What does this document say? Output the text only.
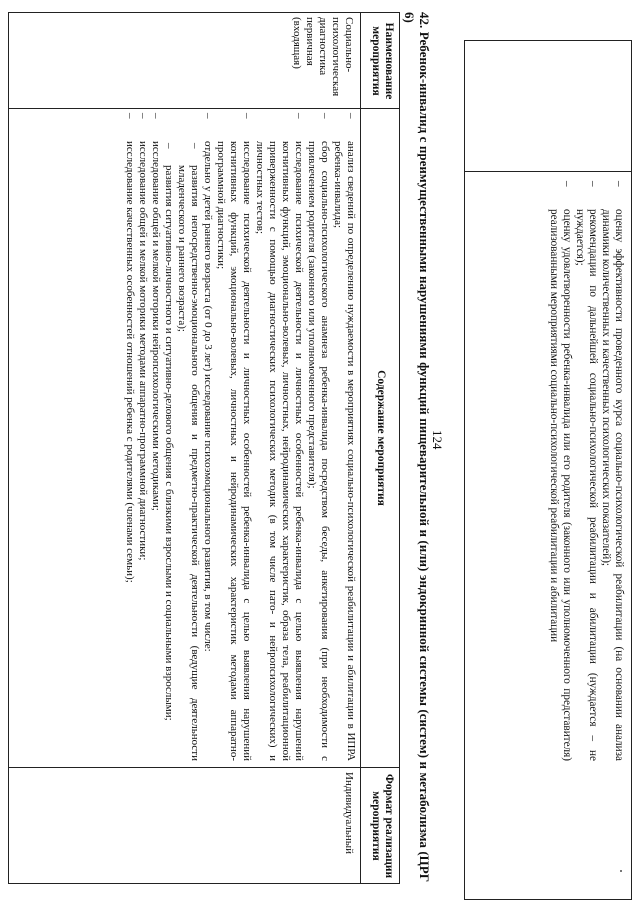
–
оценку эффективности проведенного курса социально-психологической реабилитации (на основании анализа динамики количественных и качественных психологических показателей);
–
рекомендации по дальнейшей социально-психологической реабилитации и абилитации (нуждается – не нуждается);
–
оценку удовлетворенности ребенка-инвалида или его родителя (законного или уполномоченного представителя) реализованными мероприятиями социально-психологической реабилитации и абилитации
124
42. Ребенок-инвалид с преимущественными нарушениями функций пищеварительной и (или) эндокринной системы (систем) и метаболизма (ЦРГ 6)
Наименование мероприятия
Содержание мероприятия
Формат реализации мероприятия
Социально-
психологическая
диагностика
первичная
(входящая)
–
анализ сведений по определению нуждаемости в мероприятиях социально-психологической реабилитации и абилитации в ИПРА ребенка-инвалида;
–
сбор социально-психологического анамнеза ребенка-инвалида посредством беседы, анкетирования (при необходимости с привлечением родителя (законного или уполномоченного представителя);
–
исследование психической деятельности и личностных особенностей ребенка-инвалида с целью выявления нарушений когнитивных функций, эмоционально-волевых, личностных, нейродинамических характеристик, образа тела, реабилитационной приверженности с помощью диагностических психологических методик (в том числе пато- и нейропсихологических) и личностных тестов;
–
исследование психической деятельности и личностных особенностей ребенка-инвалида с целью выявления нарушений когнитивных функций, эмоционально-волевых, личностных и нейродинамических характеристик методами аппаратно-программной диагностики;
–
отдельно у детей раннего возраста (от 0 до 3 лет) исследование психоэмоционального развития, в том числе:
–
развития непосредственно-эмоционального общения и предметно-практической деятельности (ведущие деятельности младенческого и раннего возраста);
–
развития ситуативно-личностного и ситуативно-делового общения с близкими взрослыми и социальными взрослыми;
–
исследование общей и мелкой моторики нейропсихологическими методиками;
–
исследование общей и мелкой моторики методами аппаратно-программной диагностики;
–
исследование качественных особенностей отношений ребенка с родителями (членами семьи);
Индивидуальный
